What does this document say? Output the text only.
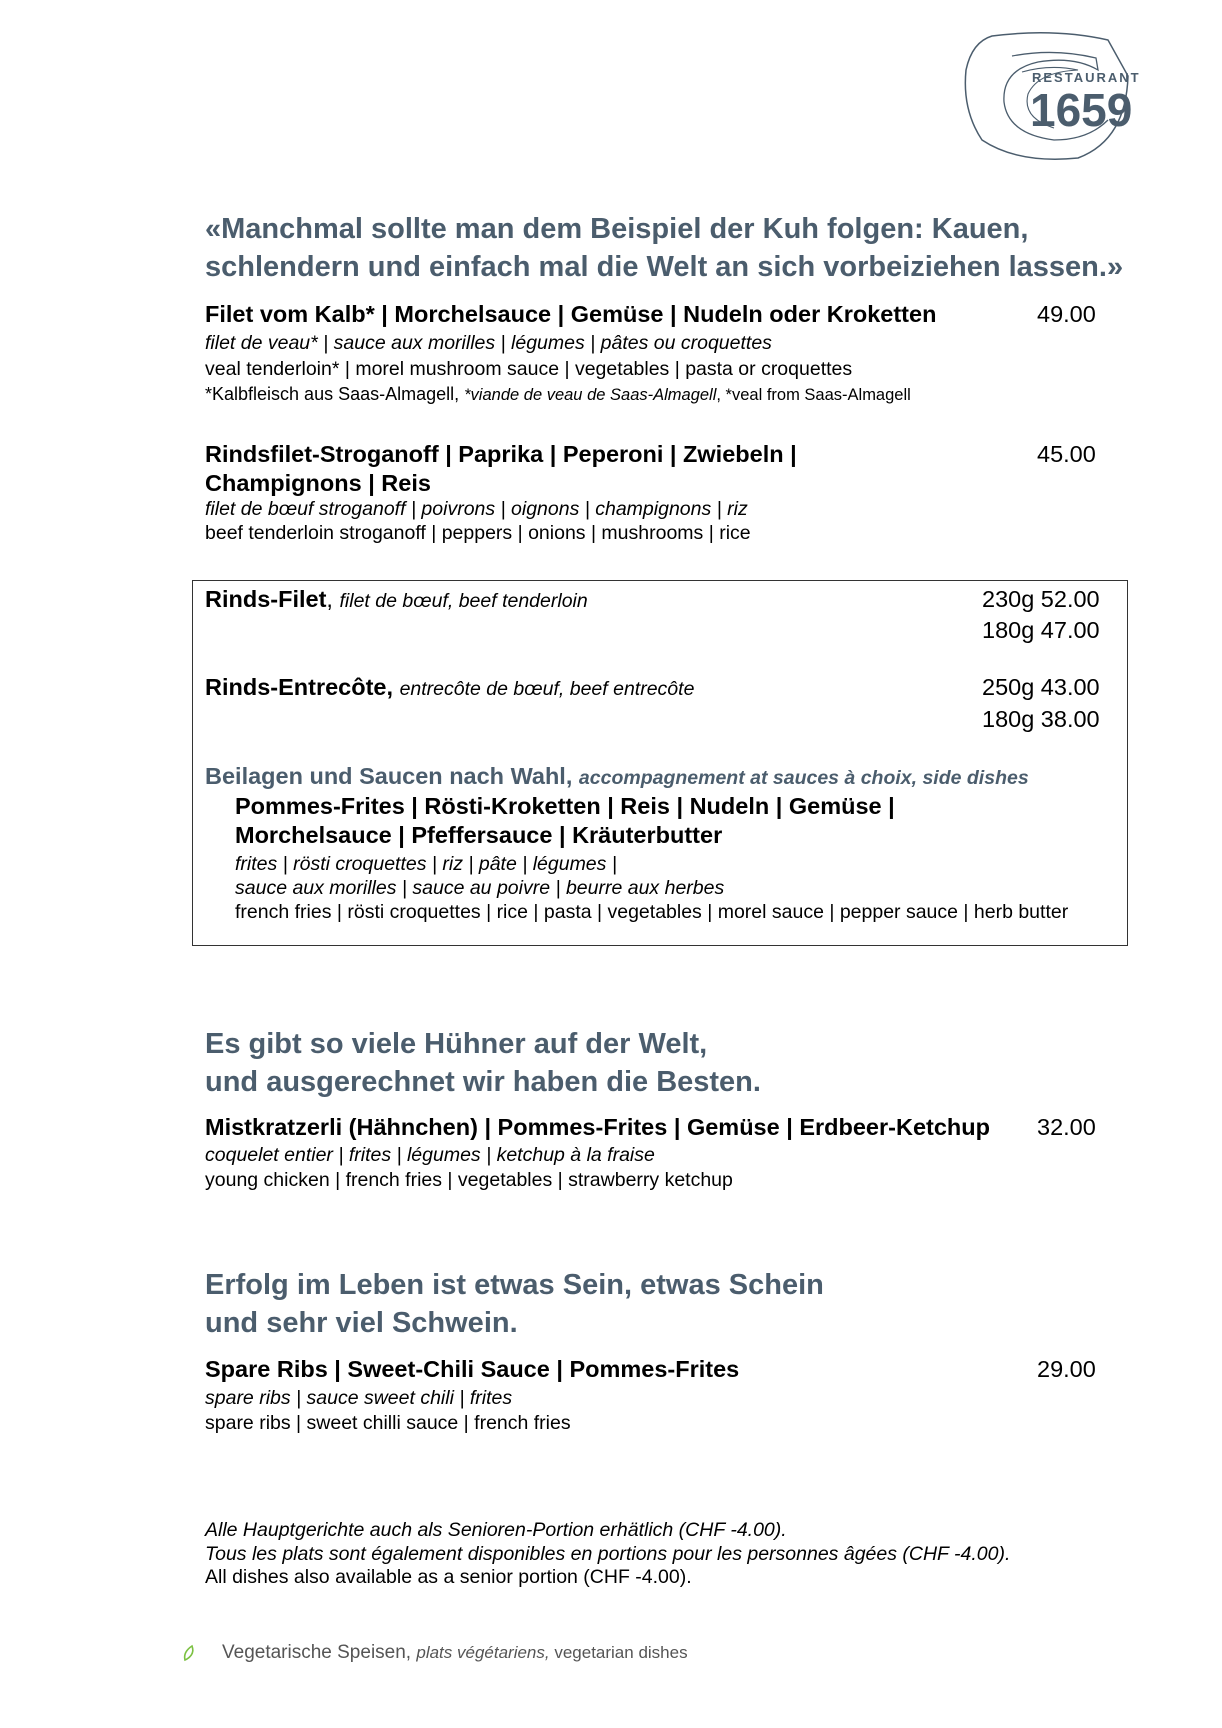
RESTAURANT
1659
«Manchmal sollte man dem Beispiel der Kuh folgen: Kauen,
schlendern und einfach mal die Welt an sich vorbeiziehen lassen.»
Filet vom Kalb* | Morchelsauce | Gemüse | Nudeln oder Kroketten	49.00
filet de veau* | sauce aux morilles | légumes | pâtes ou croquettes
veal tenderloin* | morel mushroom sauce | vegetables | pasta or croquettes
*Kalbfleisch aus Saas-Almagell, *viande de veau de Saas-Almagell, *veal from Saas-Almagell
Rindsfilet-Stroganoff | Paprika | Peperoni | Zwiebeln |
Champignons | Reis
45.00
filet de bœuf stroganoff | poivrons | oignons | champignons | riz
beef tenderloin stroganoff | peppers | onions | mushrooms | rice
Rinds-Filet, filet de bœuf, beef tenderloin	230g 52.00
180g 47.00
Rinds-Entrecôte, entrecôte de bœuf, beef entrecôte	250g 43.00
180g 38.00
Beilagen und Saucen nach Wahl, accompagnement at sauces à choix, side dishes
Pommes-Frites | Rösti-Kroketten | Reis | Nudeln | Gemüse |
Morchelsauce | Pfeffersauce | Kräuterbutter
frites | rösti croquettes | riz | pâte | légumes |
sauce aux morilles | sauce au poivre | beurre aux herbes
french fries | rösti croquettes | rice | pasta | vegetables | morel sauce | pepper sauce | herb butter
Es gibt so viele Hühner auf der Welt,
und ausgerechnet wir haben die Besten.
Mistkratzerli (Hähnchen) | Pommes-Frites | Gemüse | Erdbeer-Ketchup 32.00
coquelet entier | frites | légumes | ketchup à la fraise
young chicken | french fries | vegetables | strawberry ketchup
Erfolg im Leben ist etwas Sein, etwas Schein
und sehr viel Schwein.
Spare Ribs | Sweet-Chili Sauce | Pommes-Frites	29.00
spare ribs | sauce sweet chili | frites
spare ribs | sweet chilli sauce | french fries
Alle Hauptgerichte auch als Senioren-Portion erhätlich (CHF -4.00).
Tous les plats sont également disponibles en portions pour les personnes âgées (CHF -4.00).
All dishes also available as a senior portion (CHF -4.00).
Vegetarische Speisen, plats végétariens, vegetarian dishes
